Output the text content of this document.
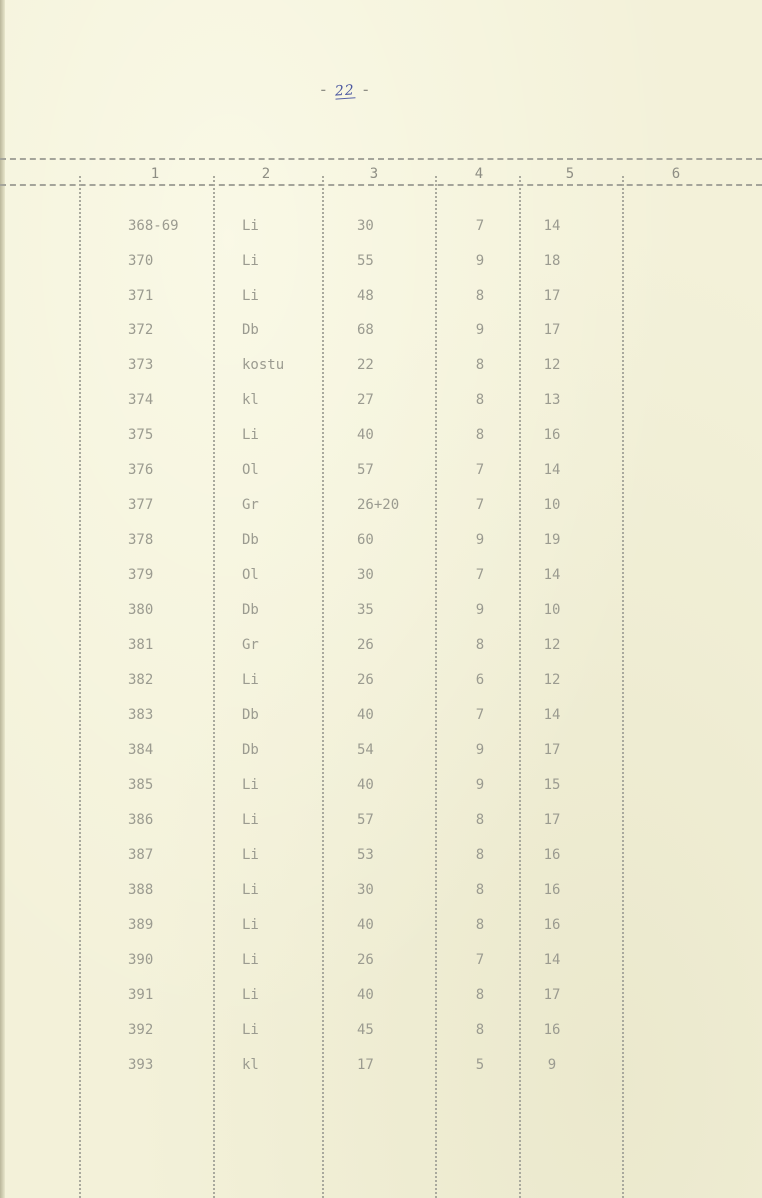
- 22 -
1	2	3	4	5	6
368-69	Li	30	7	14
370	Li	55	9	18
371	Li	48	8	17
372	Db	68	9	17
373	kostu	22	8	12
374	kl	27	8	13
375	Li	40	8	16
376	Ol	57	7	14
377	Gr	26+20	7	10
378	Db	60	9	19
379	Ol	30	7	14
380	Db	35	9	10
381	Gr	26	8	12
382	Li	26	6	12
383	Db	40	7	14
384	Db	54	9	17
385	Li	40	9	15
386	Li	57	8	17
387	Li	53	8	16
388	Li	30	8	16
389	Li	40	8	16
390	Li	26	7	14
391	Li	40	8	17
392	Li	45	8	16
393	kl	17	5	9
